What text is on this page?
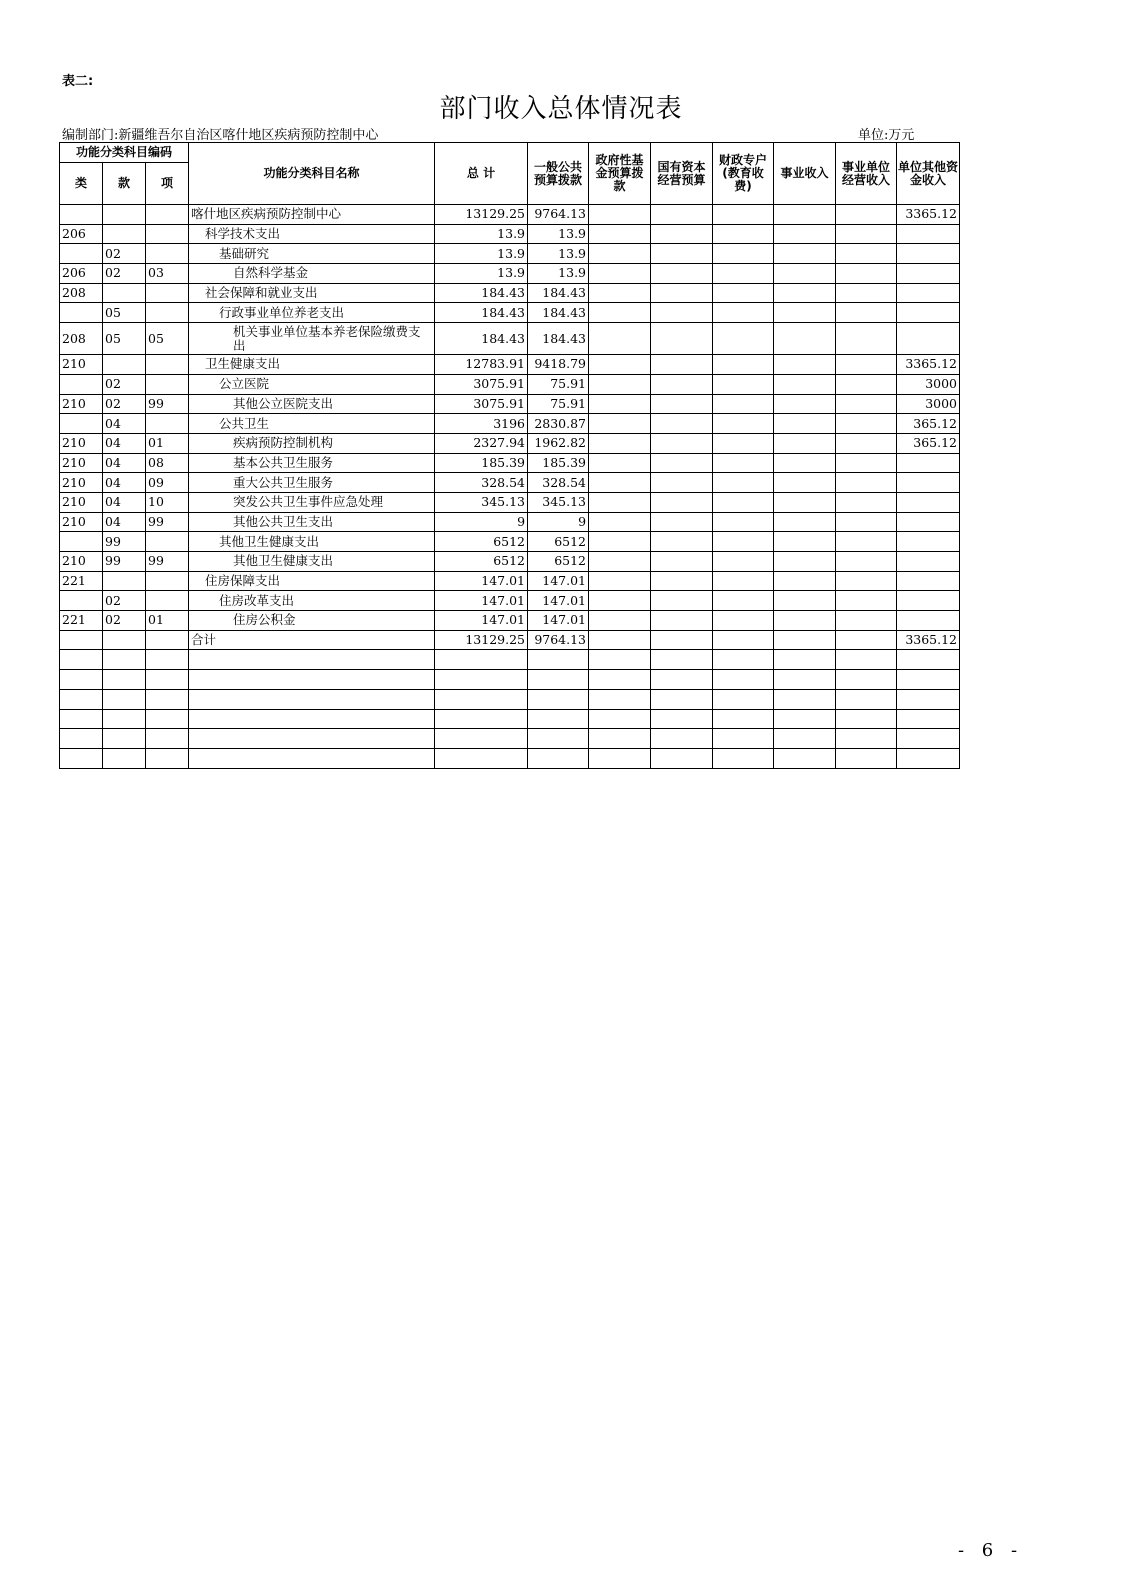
表二:
部门收入总体情况表
编制部门:新疆维吾尔自治区喀什地区疾病预防控制中心	单位:万元
功能分类科目编码			功能分类科目名称	总 计	一般公共预算拨款	政府性基金预算拨款	国有资本经营预算	财政专户(教育收费)	事业收入	事业单位经营收入	单位其他资金收入
类	款	项									
			喀什地区疾病预防控制中心	13129.25	9764.13						3365.12
206			科学技术支出	13.9	13.9						
	02		基础研究	13.9	13.9						
206	02	03	自然科学基金	13.9	13.9						
208			社会保障和就业支出	184.43	184.43						
	05		行政事业单位养老支出	184.43	184.43						
208	05	05	机关事业单位基本养老保险缴费支出	184.43	184.43						
210			卫生健康支出	12783.91	9418.79						3365.12
	02		公立医院	3075.91	75.91						3000
210	02	99	其他公立医院支出	3075.91	75.91						3000
	04		公共卫生	3196	2830.87						365.12
210	04	01	疾病预防控制机构	2327.94	1962.82						365.12
210	04	08	基本公共卫生服务	185.39	185.39						
210	04	09	重大公共卫生服务	328.54	328.54						
210	04	10	突发公共卫生事件应急处理	345.13	345.13						
210	04	99	其他公共卫生支出	9	9						
	99		其他卫生健康支出	6512	6512						
210	99	99	其他卫生健康支出	6512	6512						
221			住房保障支出	147.01	147.01						
	02		住房改革支出	147.01	147.01						
221	02	01	住房公积金	147.01	147.01						
			合计	13129.25	9764.13						3365.12

- 6 -
